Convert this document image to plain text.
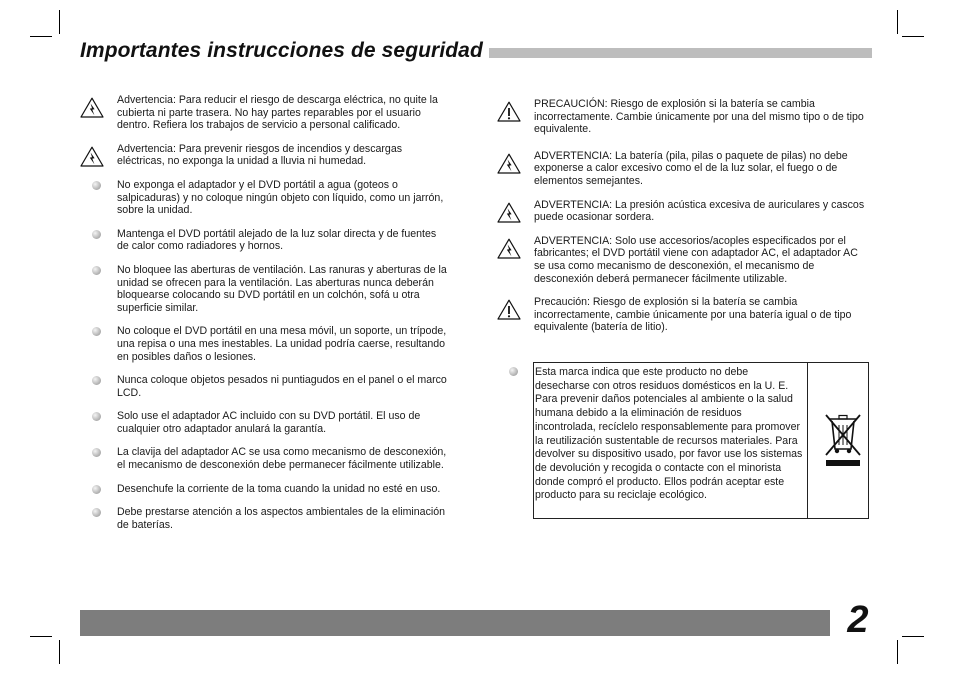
Importantes instrucciones de seguridad
Advertencia: Para reducir el riesgo de descarga eléctrica, no quite la cubierta ni parte trasera. No hay partes reparables por el usuario dentro. Refiera los trabajos de servicio a personal calificado.
Advertencia: Para prevenir riesgos de incendios y descargas eléctricas, no exponga la unidad a lluvia ni humedad.
No exponga el adaptador y el DVD portátil a agua (goteos o salpicaduras) y no coloque ningún objeto con líquido, como un jarrón, sobre la unidad.
Mantenga el DVD portátil alejado de la luz solar directa y de fuentes de calor como radiadores y hornos.
No bloquee las aberturas de ventilación. Las ranuras y aberturas de la unidad se ofrecen para la ventilación. Las aberturas nunca deberán bloquearse colocando su DVD portátil en un colchón, sofá u otra superficie similar.
No coloque el DVD portátil en una mesa móvil, un soporte, un trípode, una repisa o una mes inestables. La unidad podría caerse, resultando en posibles daños o lesiones.
Nunca coloque objetos pesados ni puntiagudos en el panel o el marco LCD.
Solo use el adaptador AC incluido con su DVD portátil. El uso de cualquier otro adaptador anulará la garantía.
La clavija del adaptador AC se usa como mecanismo de desconexión, el mecanismo de desconexión debe permanecer fácilmente utilizable.
Desenchufe la corriente de la toma cuando la unidad no esté en uso.
Debe prestarse atención a los aspectos ambientales de la eliminación de baterías.
PRECAUCIÓN: Riesgo de explosión si la batería se cambia incorrectamente. Cambie únicamente por una del mismo tipo o de tipo equivalente.
ADVERTENCIA: La batería (pila, pilas o paquete de pilas) no debe exponerse a calor excesivo como el de la luz solar, el fuego o de elementos semejantes.
ADVERTENCIA: La presión acústica excesiva de auriculares y cascos puede ocasionar sordera.
ADVERTENCIA: Solo use accesorios/acoples especificados por el fabricantes; el DVD portátil viene con adaptador AC, el adaptador AC se usa como mecanismo de desconexión, el mecanismo de desconexión deberá permanecer fácilmente utilizable.
Precaución: Riesgo de explosión si la batería se cambia incorrectamente, cambie únicamente por una batería igual o de tipo equivalente (batería de litio).
Esta marca indica que este producto no debe desecharse con otros residuos domésticos en la U. E. Para prevenir daños potenciales al ambiente o la salud humana debido a la eliminación de residuos incontrolada, recíclelo responsablemente para promover la reutilización sustentable de recursos materiales. Para devolver su dispositivo usado, por favor use los sistemas de devolución y recogida o contacte con el minorista donde compró el producto. Ellos podrán aceptar este producto para su reciclaje ecológico.
2
